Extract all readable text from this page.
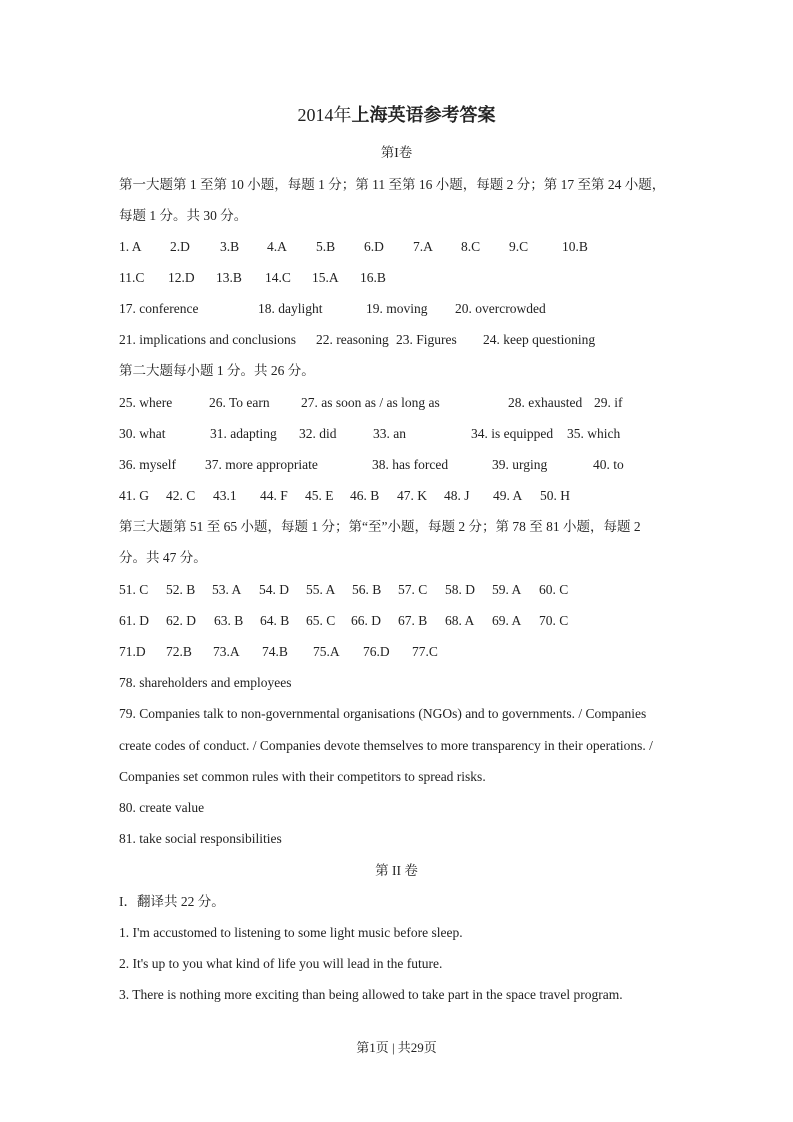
2014年上海英语参考答案
第I卷
第一大题第 1 至第 10 小题，每题 1 分；第 11 至第 16 小题，每题 2 分；第 17 至第 24 小题，
每题 1 分。共 30 分。
第二大题每小题 1 分。共 26 分。
第三大题第 51 至 65 小题，每题 1 分；第“至”小题，每题 2 分；第 78 至 81 小题，每题 2
分。共 47 分。
78. shareholders and employees
79. Companies talk to non-governmental organisations (NGOs) and to governments. / Companies
create codes of conduct. / Companies devote themselves to more transparency in their operations. /
Companies set common rules with their competitors to spread risks.
80. create value
81. take social responsibilities
第 II 卷
I．翻译共 22 分。
1. I'm accustomed to listening to some light music before sleep.
2. It's up to you what kind of life you will lead in the future.
3. There is nothing more exciting than being allowed to take part in the space travel program.
第1页 | 共29页
1. A 2.D 3.B 4.A 5.B 6.D 7.A 8.C 9.C	10.B
11.C 12.D 13.B 14.C 15.A 16.B
17. conference	18. daylight	19. moving 20. overcrowded
21. implications and conclusions 22. reasoning 23. Figures 24. keep questioning
25. where	26. To earn 27. as soon as / as long as	28. exhausted 29. if
30. what	31. adapting 32. did	33. an	34. is equipped 35. which
36. myself 37. more appropriate	38. has forced	39. urging	40. to
41. G 42. C 43.1 44. F 45. E 46. B 47. K 48. J 49. A 50. H
51. C 52. B 53. A 54. D 55. A 56. B 57. C 58. D 59. A 60. C
61. D 62. D 63. B 64. B 65. C 66. D 67. B 68. A 69. A 70. C
71.D 72.B 73.A 74.B 75.A 76.D 77.C
